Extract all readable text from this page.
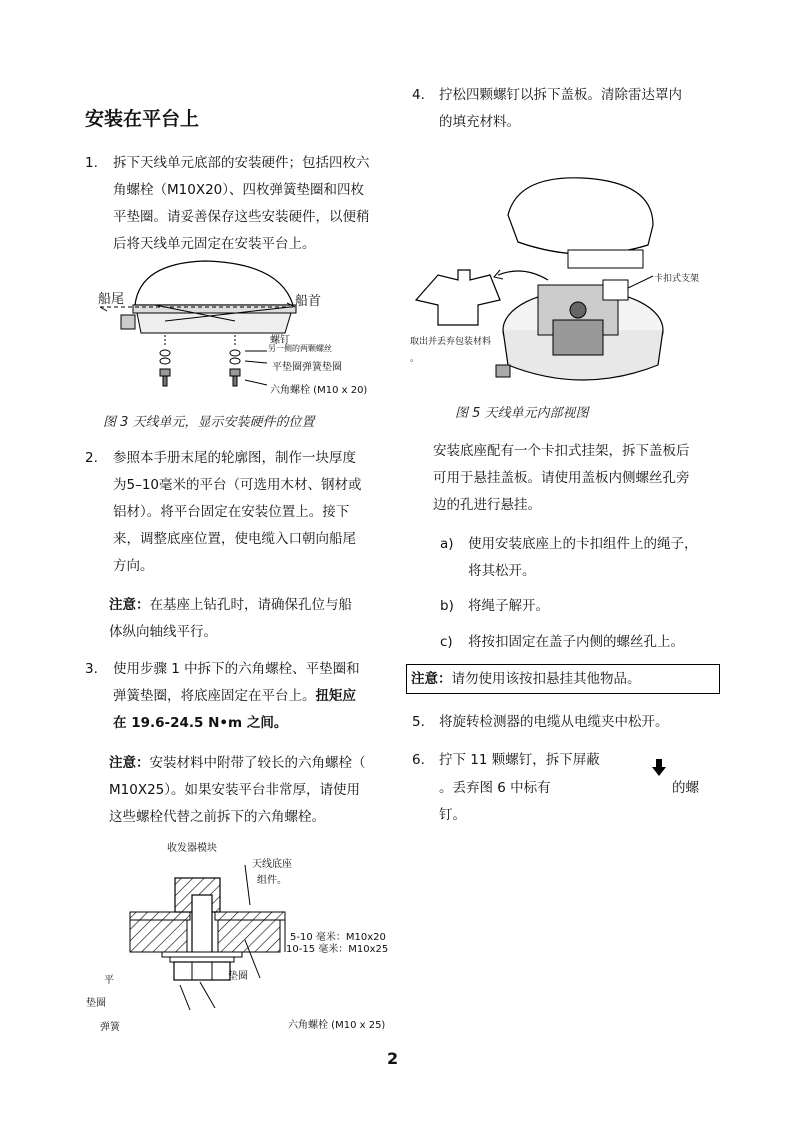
安装在平台上
1. 拆下天线单元底部的安装硬件；包括四枚六
角螺栓（M10X20）、四枚弹簧垫圈和四枚
平垫圈。请妥善保存这些安装硬件，以便稍
后将天线单元固定在安装平台上。
船尾	船首
螺钉
另一侧的两颗螺丝
平垫圈弹簧垫圈
六角螺栓 (M10 x 20)
图 3 天线单元，显示安装硬件的位置
2. 参照本手册末尾的轮廓图，制作一块厚度
为5–10毫米的平台（可选用木材、钢材或
铝材）。将平台固定在安装位置上。接下
来，调整底座位置，使电缆入口朝向船尾
方向。
注意：在基座上钻孔时，请确保孔位与船
体纵向轴线平行。
3. 使用步骤 1 中拆下的六角螺栓、平垫圈和
弹簧垫圈，将底座固定在平台上。扭矩应
在 19.6-24.5 N•m 之间。
注意：安装材料中附带了较长的六角螺栓（
M10X25）。如果安装平台非常厚，请使用
这些螺栓代替之前拆下的六角螺栓。
收发器模块
天线底座
组件。
5-10 毫米：M10x20
10-15 毫米：M10x25
垫圈
平
垫圈
弹簧	六角螺栓 (M10 x 25)
4. 拧松四颗螺钉以拆下盖板。清除雷达罩内
的填充材料。
卡扣式支架
取出并丢弃包装材料
。
图 5 天线单元内部视图
安装底座配有一个卡扣式挂架，拆下盖板后
可用于悬挂盖板。请使用盖板内侧螺丝孔旁
边的孔进行悬挂。
a) 使用安装底座上的卡扣组件上的绳子，
将其松开。
b) 将绳子解开。
c) 将按扣固定在盖子内侧的螺丝孔上。
注意：请勿使用该按扣悬挂其他物品。
5. 将旋转检测器的电缆从电缆夹中松开。
6. 拧下 11 颗螺钉，拆下屏蔽
。丢弃图 6 中标有	的螺
钉。
2
